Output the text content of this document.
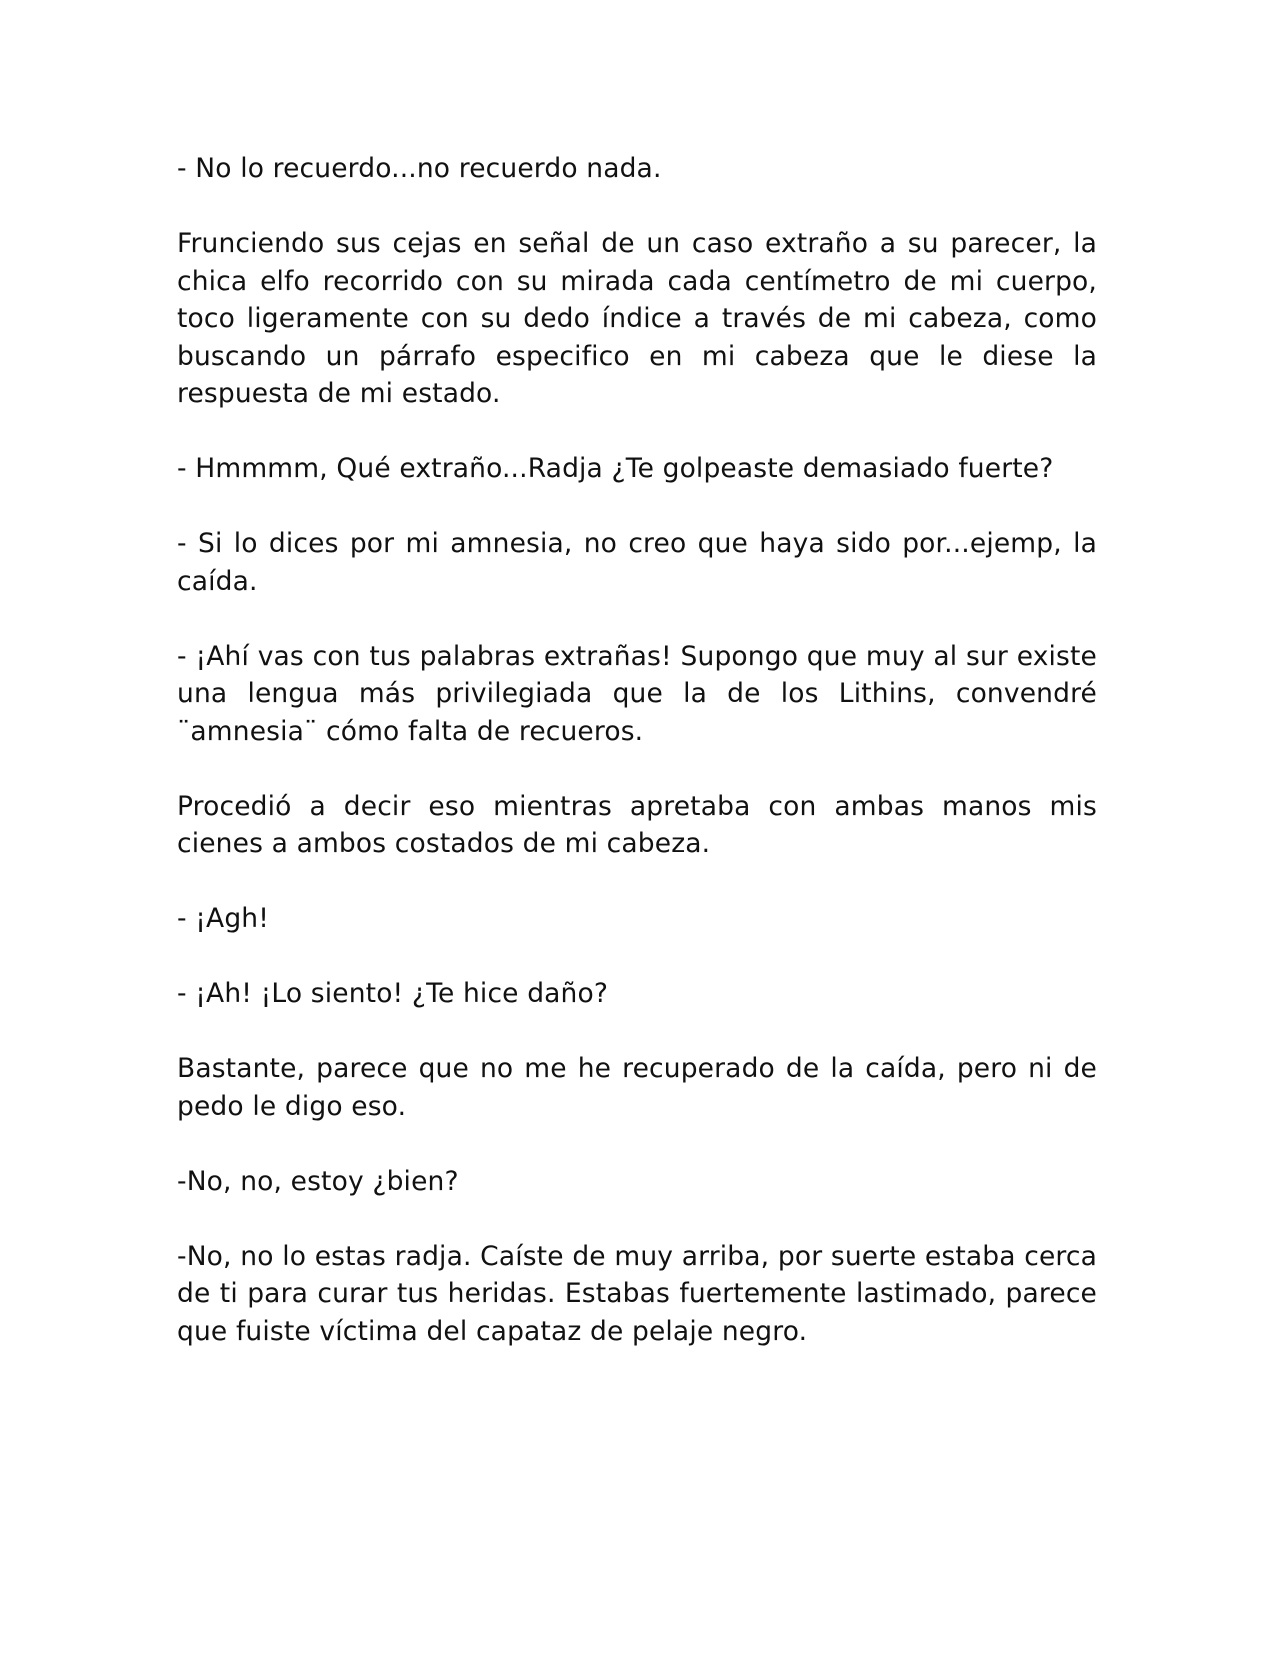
- No lo recuerdo...no recuerdo nada.

Frunciendo sus cejas en señal de un caso extraño a su parecer, la chica elfo recorrido con su mirada cada centímetro de mi cuerpo, toco ligeramente con su dedo índice a través de mi cabeza, como buscando un párrafo especifico en mi cabeza que le diese la respuesta de mi estado.

- Hmmmm, Qué extraño...Radja ¿Te golpeaste demasiado fuerte?

- Si lo dices por mi amnesia, no creo que haya sido por...ejemp, la caída.

- ¡Ahí vas con tus palabras extrañas! Supongo que muy al sur existe una lengua más privilegiada que la de los Lithins, convendré ¨amnesia¨ cómo falta de recueros.

Procedió a decir eso mientras apretaba con ambas manos mis cienes a ambos costados de mi cabeza.

- ¡Agh!

- ¡Ah! ¡Lo siento! ¿Te hice daño?

Bastante, parece que no me he recuperado de la caída, pero ni de pedo le digo eso.

-No, no, estoy ¿bien?

-No, no lo estas radja. Caíste de muy arriba, por suerte estaba cerca de ti para curar tus heridas. Estabas fuertemente lastimado, parece que fuiste víctima del capataz de pelaje negro.
